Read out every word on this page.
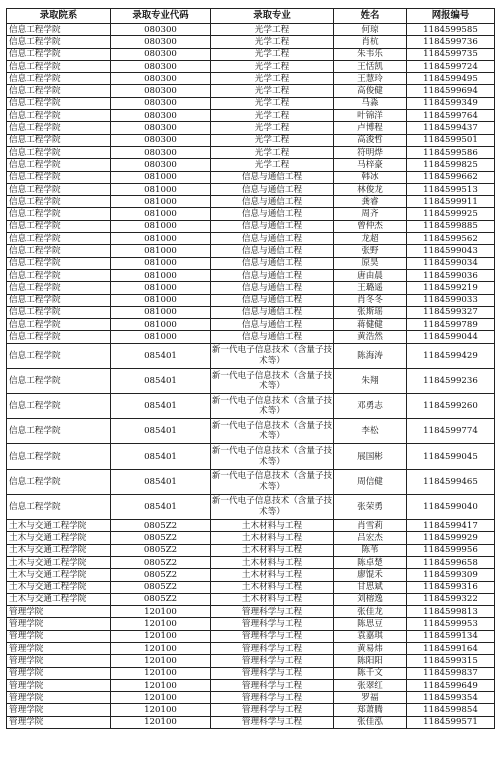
录取院系	录取专业代码	录取专业	姓名	网报编号
信息工程学院	080300	光学工程	何琼	1184599585
信息工程学院	080300	光学工程	肖杭	1184599736
信息工程学院	080300	光学工程	朱韦乐	1184599735
信息工程学院	080300	光学工程	王恬凯	1184599724
信息工程学院	080300	光学工程	王慧玲	1184599495
信息工程学院	080300	光学工程	高俊健	1184599694
信息工程学院	080300	光学工程	马淼	1184599349
信息工程学院	080300	光学工程	叶锦洋	1184599764
信息工程学院	080300	光学工程	卢博程	1184599437
信息工程学院	080300	光学工程	高浚哲	1184599501
信息工程学院	080300	光学工程	符明烨	1184599586
信息工程学院	080300	光学工程	马梓豪	1184599825
信息工程学院	081000	信息与通信工程	韩冰	1184599662
信息工程学院	081000	信息与通信工程	林俊龙	1184599513
信息工程学院	081000	信息与通信工程	龚睿	1184599911
信息工程学院	081000	信息与通信工程	周齐	1184599925
信息工程学院	081000	信息与通信工程	曾仲杰	1184599885
信息工程学院	081000	信息与通信工程	龙超	1184599562
信息工程学院	081000	信息与通信工程	张野	1184599043
信息工程学院	081000	信息与通信工程	原昊	1184599034
信息工程学院	081000	信息与通信工程	唐由晨	1184599036
信息工程学院	081000	信息与通信工程	王璐遥	1184599219
信息工程学院	081000	信息与通信工程	肖冬冬	1184599033
信息工程学院	081000	信息与通信工程	张斯瑶	1184599327
信息工程学院	081000	信息与通信工程	蒋健健	1184599789
信息工程学院	081000	信息与通信工程	黄浩然	1184599044
信息工程学院	085401	新一代电子信息技术（含量子技术等）	陈海涛	1184599429
信息工程学院	085401	新一代电子信息技术（含量子技术等）	朱翔	1184599236
信息工程学院	085401	新一代电子信息技术（含量子技术等）	邓勇志	1184599260
信息工程学院	085401	新一代电子信息技术（含量子技术等）	李松	1184599774
信息工程学院	085401	新一代电子信息技术（含量子技术等）	展国彬	1184599045
信息工程学院	085401	新一代电子信息技术（含量子技术等）	周信健	1184599465
信息工程学院	085401	新一代电子信息技术（含量子技术等）	张荣勇	1184599040
土木与交通工程学院	0805Z2	土木材料与工程	肖雪莉	1184599417
土木与交通工程学院	0805Z2	土木材料与工程	吕宏杰	1184599929
土木与交通工程学院	0805Z2	土木材料与工程	陈苇	1184599956
土木与交通工程学院	0805Z2	土木材料与工程	陈卓楚	1184599658
土木与交通工程学院	0805Z2	土木材料与工程	廖馄禾	1184599309
土木与交通工程学院	0805Z2	土木材料与工程	甘思斌	1184599316
土木与交通工程学院	0805Z2	土木材料与工程	刘榕逸	1184599322
管理学院	120100	管理科学与工程	张佳龙	1184599813
管理学院	120100	管理科学与工程	陈思豆	1184599953
管理学院	120100	管理科学与工程	袁嘉琪	1184599134
管理学院	120100	管理科学与工程	黄易炜	1184599164
管理学院	120100	管理科学与工程	陈阳阳	1184599315
管理学院	120100	管理科学与工程	陈千文	1184599837
管理学院	120100	管理科学与工程	张翠红	1184599649
管理学院	120100	管理科学与工程	罗福	1184599354
管理学院	120100	管理科学与工程	郑萧腾	1184599854
管理学院	120100	管理科学与工程	张佳泓	1184599571
